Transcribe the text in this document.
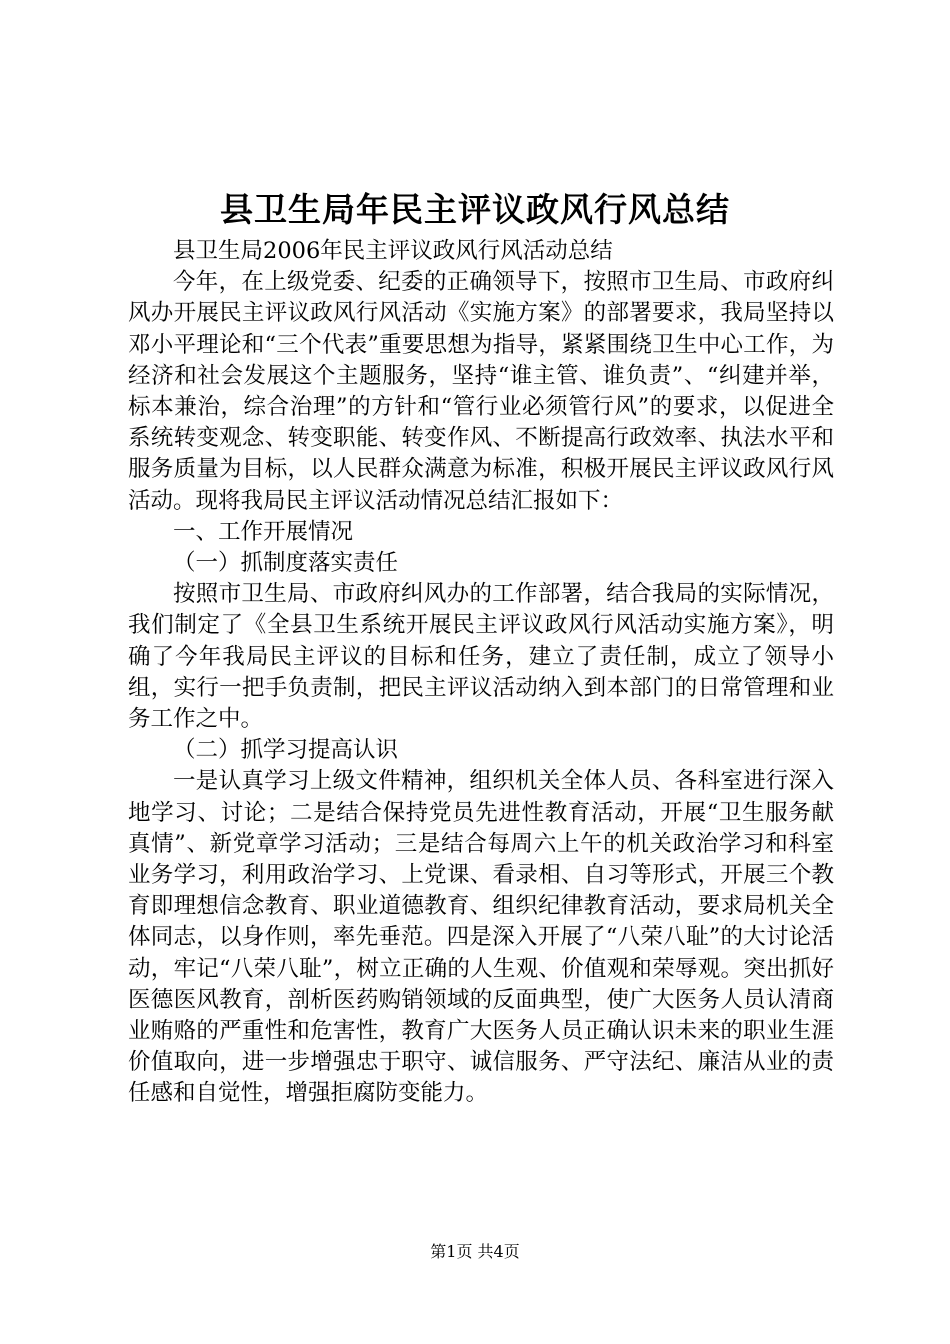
县卫生局年民主评议政风行风总结

县卫生局2006年民主评议政风行风活动总结

今年，在上级党委、纪委的正确领导下，按照市卫生局、市政府纠风办开展民主评议政风行风活动《实施方案》的部署要求，我局坚持以邓小平理论和“三个代表”重要思想为指导，紧紧围绕卫生中心工作，为经济和社会发展这个主题服务，坚持“谁主管、谁负责”、“纠建并举，标本兼治，综合治理”的方针和“管行业必须管行风”的要求，以促进全系统转变观念、转变职能、转变作风、不断提高行政效率、执法水平和服务质量为目标，以人民群众满意为标准，积极开展民主评议政风行风活动。现将我局民主评议活动情况总结汇报如下：

一、工作开展情况

（一）抓制度落实责任

按照市卫生局、市政府纠风办的工作部署，结合我局的实际情况，我们制定了《全县卫生系统开展民主评议政风行风活动实施方案》，明确了今年我局民主评议的目标和任务，建立了责任制，成立了领导小组，实行一把手负责制，把民主评议活动纳入到本部门的日常管理和业务工作之中。

（二）抓学习提高认识

一是认真学习上级文件精神，组织机关全体人员、各科室进行深入地学习、讨论；二是结合保持党员先进性教育活动，开展“卫生服务献真情”、新党章学习活动；三是结合每周六上午的机关政治学习和科室业务学习，利用政治学习、上党课、看录相、自习等形式，开展三个教育即理想信念教育、职业道德教育、组织纪律教育活动，要求局机关全体同志，以身作则，率先垂范。四是深入开展了“八荣八耻”的大讨论活动，牢记“八荣八耻”，树立正确的人生观、价值观和荣辱观。突出抓好医德医风教育，剖析医药购销领域的反面典型，使广大医务人员认清商业贿赂的严重性和危害性，教育广大医务人员正确认识未来的职业生涯价值取向，进一步增强忠于职守、诚信服务、严守法纪、廉洁从业的责任感和自觉性，增强拒腐防变能力。

第1页 共4页
